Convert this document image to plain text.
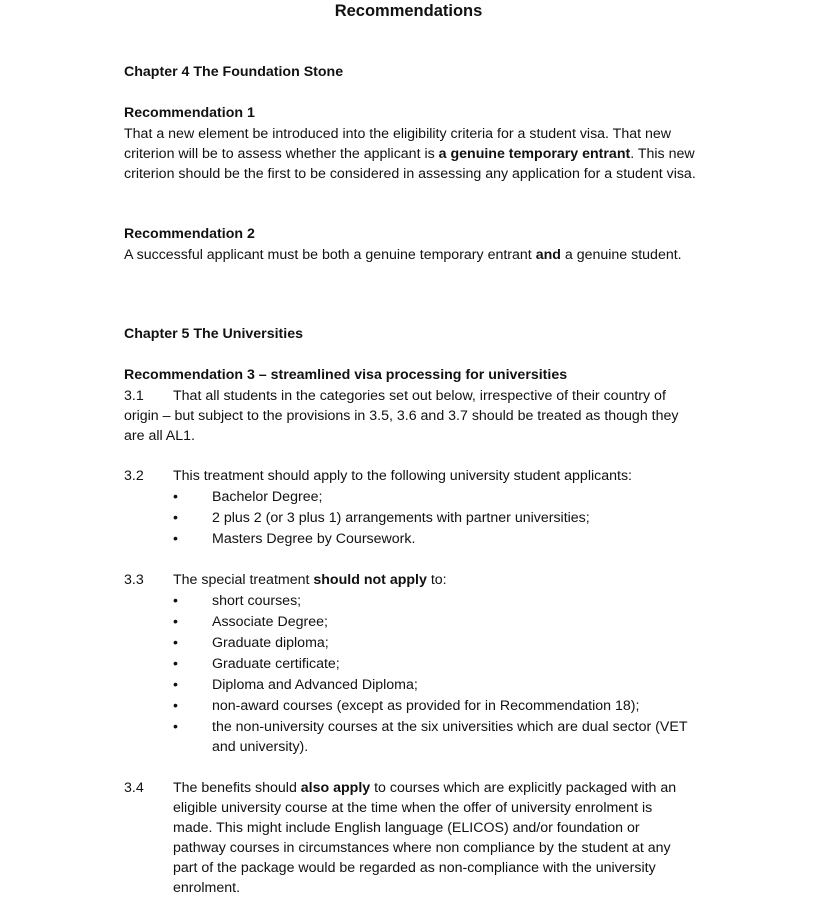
Recommendations
Chapter 4 The Foundation Stone
Recommendation 1
That a new element be introduced into the eligibility criteria for a student visa. That new criterion will be to assess whether the applicant is a genuine temporary entrant. This new criterion should be the first to be considered in assessing any application for a student visa.
Recommendation 2
A successful applicant must be both a genuine temporary entrant and a genuine student.
Chapter 5 The Universities
Recommendation 3 – streamlined visa processing for universities
3.1 That all students in the categories set out below, irrespective of their country of origin – but subject to the provisions in 3.5, 3.6 and 3.7 should be treated as though they are all AL1.
3.2 This treatment should apply to the following university student applicants:
• Bachelor Degree;
• 2 plus 2 (or 3 plus 1) arrangements with partner universities;
• Masters Degree by Coursework.
3.3 The special treatment should not apply to:
• short courses;
• Associate Degree;
• Graduate diploma;
• Graduate certificate;
• Diploma and Advanced Diploma;
• non-award courses (except as provided for in Recommendation 18);
• the non-university courses at the six universities which are dual sector (VET and university).
3.4 The benefits should also apply to courses which are explicitly packaged with an eligible university course at the time when the offer of university enrolment is made. This might include English language (ELICOS) and/or foundation or pathway courses in circumstances where non compliance by the student at any part of the package would be regarded as non-compliance with the university enrolment.
